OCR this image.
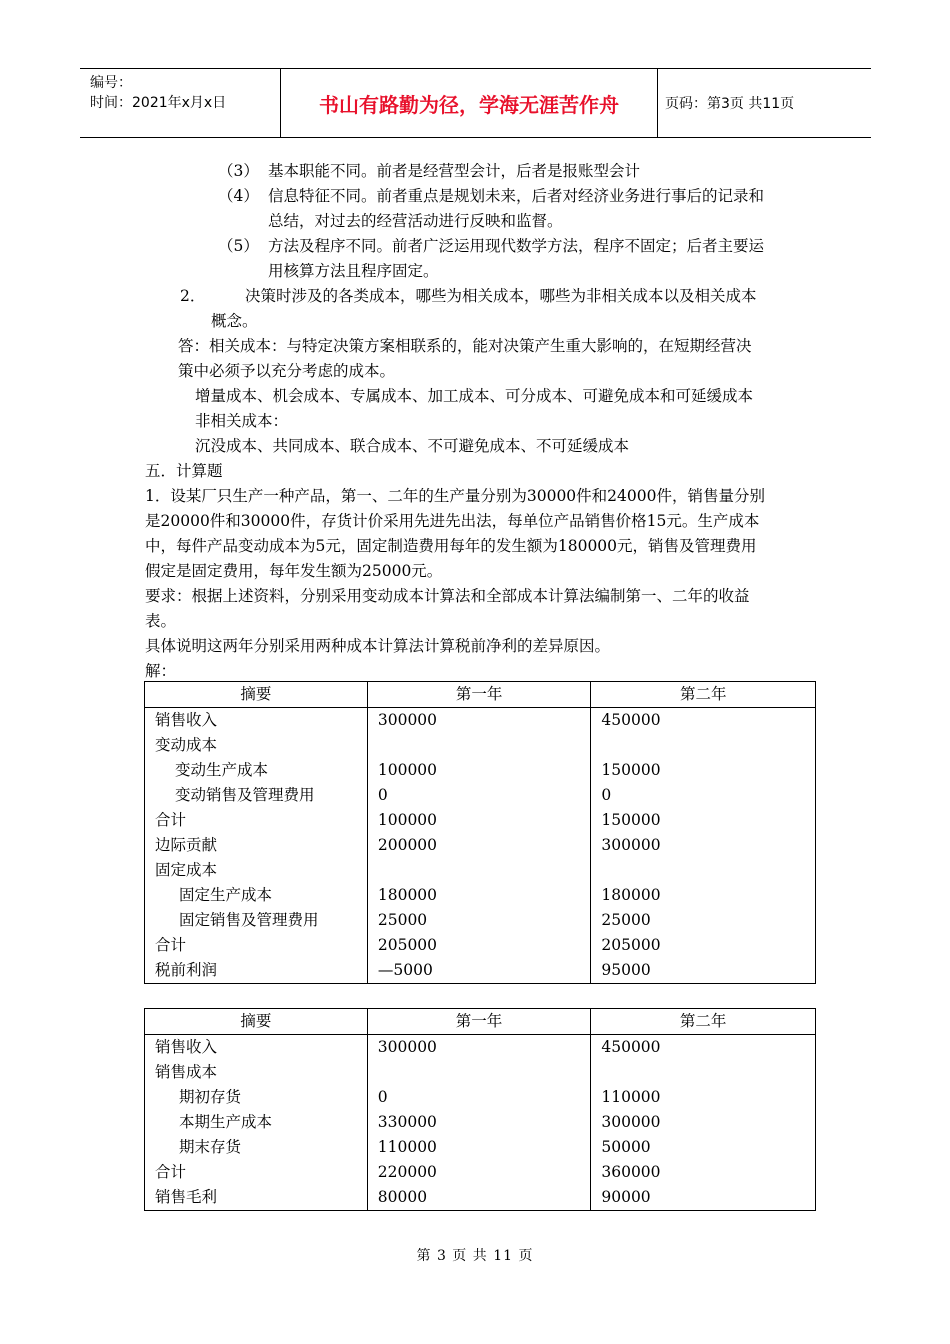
编号：
时间：2021年x月x日	书山有路勤为径，学海无涯苦作舟	页码：第3页 共11页
（3） 基本职能不同。前者是经营型会计，后者是报账型会计
（4） 信息特征不同。前者重点是规划未来，后者对经济业务进行事后的记录和
总结，对过去的经营活动进行反映和监督。
（5） 方法及程序不同。前者广泛运用现代数学方法，程序不固定；后者主要运
用核算方法且程序固定。
2．	决策时涉及的各类成本，哪些为相关成本，哪些为非相关成本以及相关成本
概念。
答：相关成本：与特定决策方案相联系的，能对决策产生重大影响的，在短期经营决
策中必须予以充分考虑的成本。
增量成本、机会成本、专属成本、加工成本、可分成本、可避免成本和可延缓成本
非相关成本：
沉没成本、共同成本、联合成本、不可避免成本、不可延缓成本
五．计算题
1．设某厂只生产一种产品，第一、二年的生产量分别为30000件和24000件，销售量分别
是20000件和30000件，存货计价采用先进先出法，每单位产品销售价格15元。生产成本
中，每件产品变动成本为5元，固定制造费用每年的发生额为180000元，销售及管理费用
假定是固定费用，每年发生额为25000元。
要求：根据上述资料，分别采用变动成本计算法和全部成本计算法编制第一、二年的收益
表。
具体说明这两年分别采用两种成本计算法计算税前净利的差异原因。
解：
摘要	第一年	第二年
销售收入	300000	450000
变动成本		
变动生产成本	100000	150000
变动销售及管理费用	0	0
合计	100000	150000
边际贡献	200000	300000
固定成本		
固定生产成本	180000	180000
固定销售及管理费用	25000	25000
合计	205000	205000
税前利润	—5000	95000
摘要	第一年	第二年
销售收入	300000	450000
销售成本		
期初存货	0	110000
本期生产成本	330000	300000
期末存货	110000	50000
合计	220000	360000
销售毛利	80000	90000
第 3 页 共 11 页
